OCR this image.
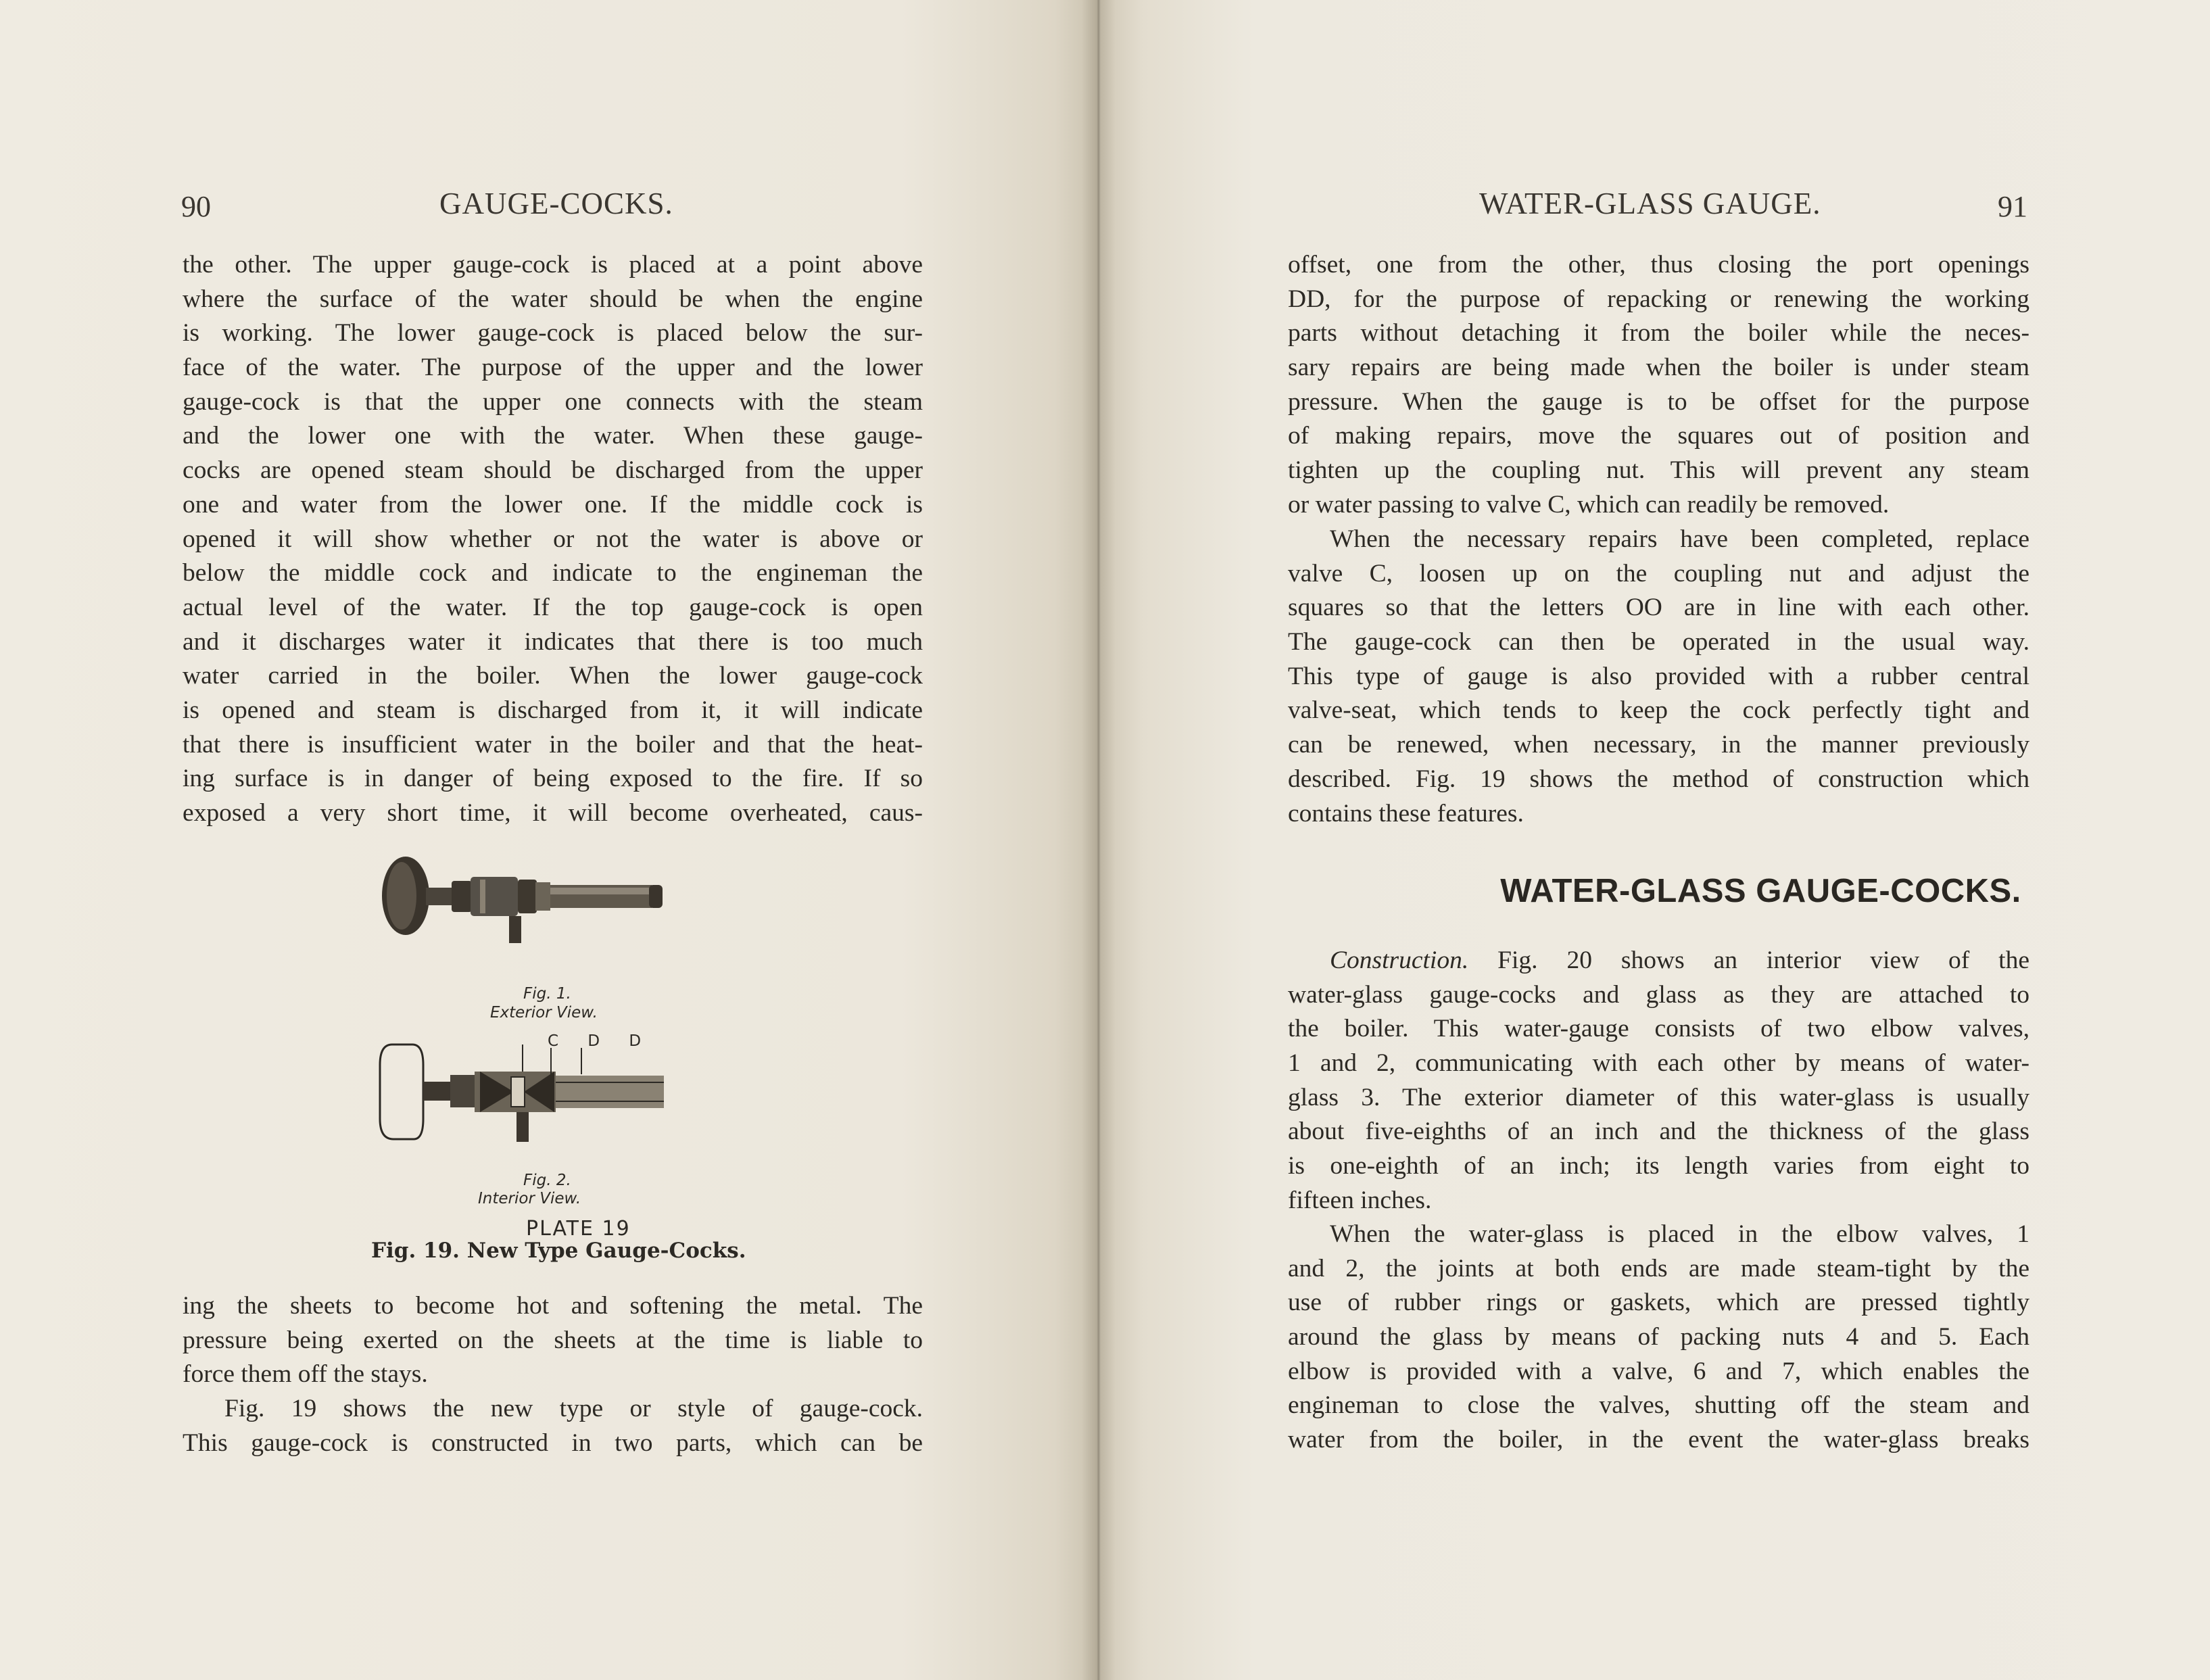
90	GAUGE-COCKS.
the other. The upper gauge-cock is placed at a point above
where the surface of the water should be when the engine
is working. The lower gauge-cock is placed below the sur-
face of the water. The purpose of the upper and the lower
gauge-cock is that the upper one connects with the steam
and the lower one with the water. When these gauge-
cocks are opened steam should be discharged from the upper
one and water from the lower one. If the middle cock is
opened it will show whether or not the water is above or
below the middle cock and indicate to the engineman the
actual level of the water. If the top gauge-cock is open
and it discharges water it indicates that there is too much
water carried in the boiler. When the lower gauge-cock
is opened and steam is discharged from it, it will indicate
that there is insufficient water in the boiler and that the heat-
ing surface is in danger of being exposed to the fire. If so
exposed a very short time, it will become overheated, caus-
Fig. 1.
Exterior View.
C D D
Fig. 2.
Interior View.
PLATE 19
Fig. 19. New Type Gauge-Cocks.
ing the sheets to become hot and softening the metal. The
pressure being exerted on the sheets at the time is liable to
force them off the stays.
Fig. 19 shows the new type or style of gauge-cock.
This gauge-cock is constructed in two parts, which can be
WATER-GLASS GAUGE.	91
offset, one from the other, thus closing the port openings
DD, for the purpose of repacking or renewing the working
parts without detaching it from the boiler while the neces-
sary repairs are being made when the boiler is under steam
pressure. When the gauge is to be offset for the purpose
of making repairs, move the squares out of position and
tighten up the coupling nut. This will prevent any steam
or water passing to valve C, which can readily be removed.
When the necessary repairs have been completed, replace
valve C, loosen up on the coupling nut and adjust the
squares so that the letters OO are in line with each other.
The gauge-cock can then be operated in the usual way.
This type of gauge is also provided with a rubber central
valve-seat, which tends to keep the cock perfectly tight and
can be renewed, when necessary, in the manner previously
described. Fig. 19 shows the method of construction which
contains these features.
WATER-GLASS GAUGE-COCKS.
Construction. Fig. 20 shows an interior view of the
water-glass gauge-cocks and glass as they are attached to
the boiler. This water-gauge consists of two elbow valves,
1 and 2, communicating with each other by means of water-
glass 3. The exterior diameter of this water-glass is usually
about five-eighths of an inch and the thickness of the glass
is one-eighth of an inch; its length varies from eight to
fifteen inches.
When the water-glass is placed in the elbow valves, 1
and 2, the joints at both ends are made steam-tight by the
use of rubber rings or gaskets, which are pressed tightly
around the glass by means of packing nuts 4 and 5. Each
elbow is provided with a valve, 6 and 7, which enables the
engineman to close the valves, shutting off the steam and
water from the boiler, in the event the water-glass breaks
